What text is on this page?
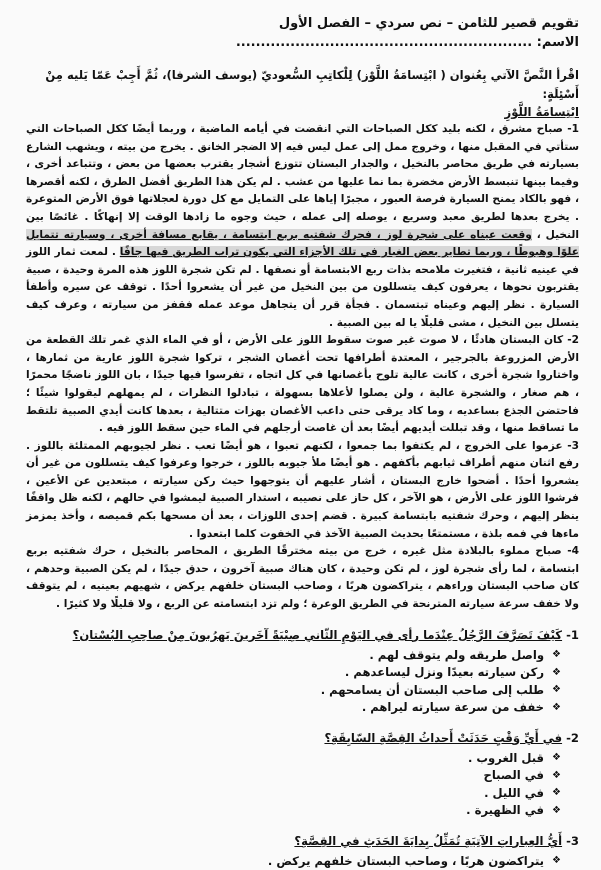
تقويم قصير للثامن – نص سردي – الفصل الأول

الاسم: ............................................................

اقْرأ النَّصَّ الآتي بِعُنوان ( ابْتِسامَةُ اللَّوْز) لِلْكاتِبِ السُّعوديّ (يوسف الشرفا)، ثُمَّ أَجِبْ عَمّا يَليه مِنْ أَسْئِلَةٍ:

ابْتِسامَةُ اللَّوْزِ

1- صباح مشرق ، لكنه بليد ككل الصباحات التي انقضت في أيامه الماضية ، وربما أيضًا ككل الصباحات التي ستأتي في المقبل منها ، وخروج ممل إلى عمل ليس فيه إلا الضجر الخانق . يخرج من بيته ، ويشهب الشارع بسيارته في طريق محاصر بالنخيل ، والجدار البستان تتوزع أشجار يقترب بعضها من بعض ، وتتباعد أخرى ، وفيما بينها تنبسط الأرض مخضرة بما نما عليها من عشب . لم يكن هذا الطريق أفضل الطرق ، لكنه أقصرها ، فهو بالكاد يمنح السيارة فرصة العبور ، مجبرًا إياها على التمايل مع كل دورة لعجلاتها فوق الأرض المتوعرة . يخرج بعدها لطريق معبد وسريع ، يوصله إلى عمله ، حيث وجوه ما زادها الوقت إلا إنهاكًا . غائصًا بين النخيل ، وقعت عيناه على شجرة لوز ، فحرك شفتيه بربع ابتسامة ، يقابع مسافة أخرى ، وسيارته تتمايل علوًا وهبوطًا ، وربما تطاير بعض الغبار في تلك الأجزاء التي يكون تراب الطريق فيها جافًا . لمعت ثمار اللوز في عينيه ثانية ، فتغيرت ملامحه بذات ربع الابتسامة أو نصفها . لم تكن شجرة اللوز هذه المرة وحيدة ، صبية يقتربون نحوها ، يعرفون كيف يتسللون من بين النخيل من غير أن يشعروا أحدًا . توقف عن سيره وأطفأ السيارة . نظر إليهم وعيناه تبتسمان . فجأة قرر أن يتجاهل موعد عمله فقفز من سيارته ، وعرف كيف يتسلل بين النخيل ، مشى قليلًا يا له بين الصبية .

2- كان البستان هادئًا ، لا صوت غير صوت سقوط اللوز على الأرض ، أو في الماء الذي غمر تلك القطعة من الأرض المزروعة بالجرجير ، المعتدة أطرافها تحت أغصان الشجر ، تركوا شجرة اللوز عارية من ثمارها ، واختاروا شجرة أخرى ، كانت عالية تلوح بأغصانها في كل اتجاه ، تفرسوا فيها جيدًا ، بان اللوز ناضجًا محمرًا ، هم صغار ، والشجرة عالية ، ولن يصلوا لأعلاها بسهولة ، تبادلوا النظرات ، لم يمهلهم ليقولوا شيئًا ؛ فاحتضن الجذع بساعديه ، وما كاد يرقى حتى داعب الأغصان بهزات متتالية ، بعدها كانت أيدي الصبية تلتقط ما تساقط منها ، وقد تبللت أيديهم أيضًا بعد أن غاصت أرجلهم في الماء حين سقط اللوز فيه .

3- عزموا على الخروج ، لم يكتفوا بما جمعوا ، لكنهم تعبوا ، هو أيضًا تعب . نظر لجيوبهم الممتلئة باللوز . رفع اثنان منهم أطراف ثيابهم بأكفهم . هو أيضًا ملأ جيوبه باللوز ، خرجوا وعرفوا كيف يتسللون من غير أن يشعروا أحدًا . أضحوا خارج البستان ، أشار عليهم أن يتوجهوا حيث ركن سيارته ، مبتعدين عن الأعين ، فرشوا اللوز على الأرض ، هو الآخر ، كل حاز على نصيبه ، استدار الصبية ليمشوا في حالهم ، لكنه ظل واقفًا ينظر إليهم ، وحرك شفتيه بابتسامة كبيرة . قضم إحدى اللوزات ، بعد أن مسحها بكم قميصه ، وأخذ يمزمز ماءها في فمه بلذة ، مستمتعًا بحديث الصبية الآخذ في الخفوت كلما ابتعدوا .

4- صباح مملوء بالبلادة مثل غيره ، خرج من بيته مخترقًا الطريق ، المحاصر بالنخيل ، حرك شفتيه بربع ابتسامة ، لما رأى شجرة لوز ، لم تكن وحيدة ، كان هناك صبية آخرون ، حدق جيدًا ، لم يكن الصبية وحدهم ، كان صاحب البستان وراءهم ، يتراكضون هربًا ، وصاحب البستان خلفهم يركض ، شهيهم بعينيه ، لم يتوقف ولا خفف سرعة سيارته المترنحة في الطريق الوعرة ؛ ولم تزد ابتسامته عن الربع ، ولا قليلًا ولا كثيرًا .

1- كَيْفَ تَصَرَّفَ الرَّجُلُ عِنْدَما رأى في اليَوْمِ الثّاني صِبْيَةً آخَرينَ يَهرُبونَ مِنْ صاحِبِ البُسْتان؟

❖
واصل طريقه ولم يتوقف لهم .
❖
ركن سيارته بعيدًا ونزل ليساعدهم .
❖
طلب إلى صاحب البستان أن يسامحهم .
❖
خفف من سرعة سيارته ليراهم .

2- في أَيِّ وَقْتٍ حَدَثَتْ أَحداثُ القِصَّةِ السّابِقَةِ؟

❖
قبل الغروب .
❖
في الصباح
❖
في الليل .
❖
في الظهيرة .

3- أَيُّ العِباراتِ الآتِيَةِ تُمَثِّلُ بِدايَةَ الحَدَثِ في القِصَّةِ؟

❖
يتراكضون هربًا ، وصاحب البستان خلفهم يركض .
